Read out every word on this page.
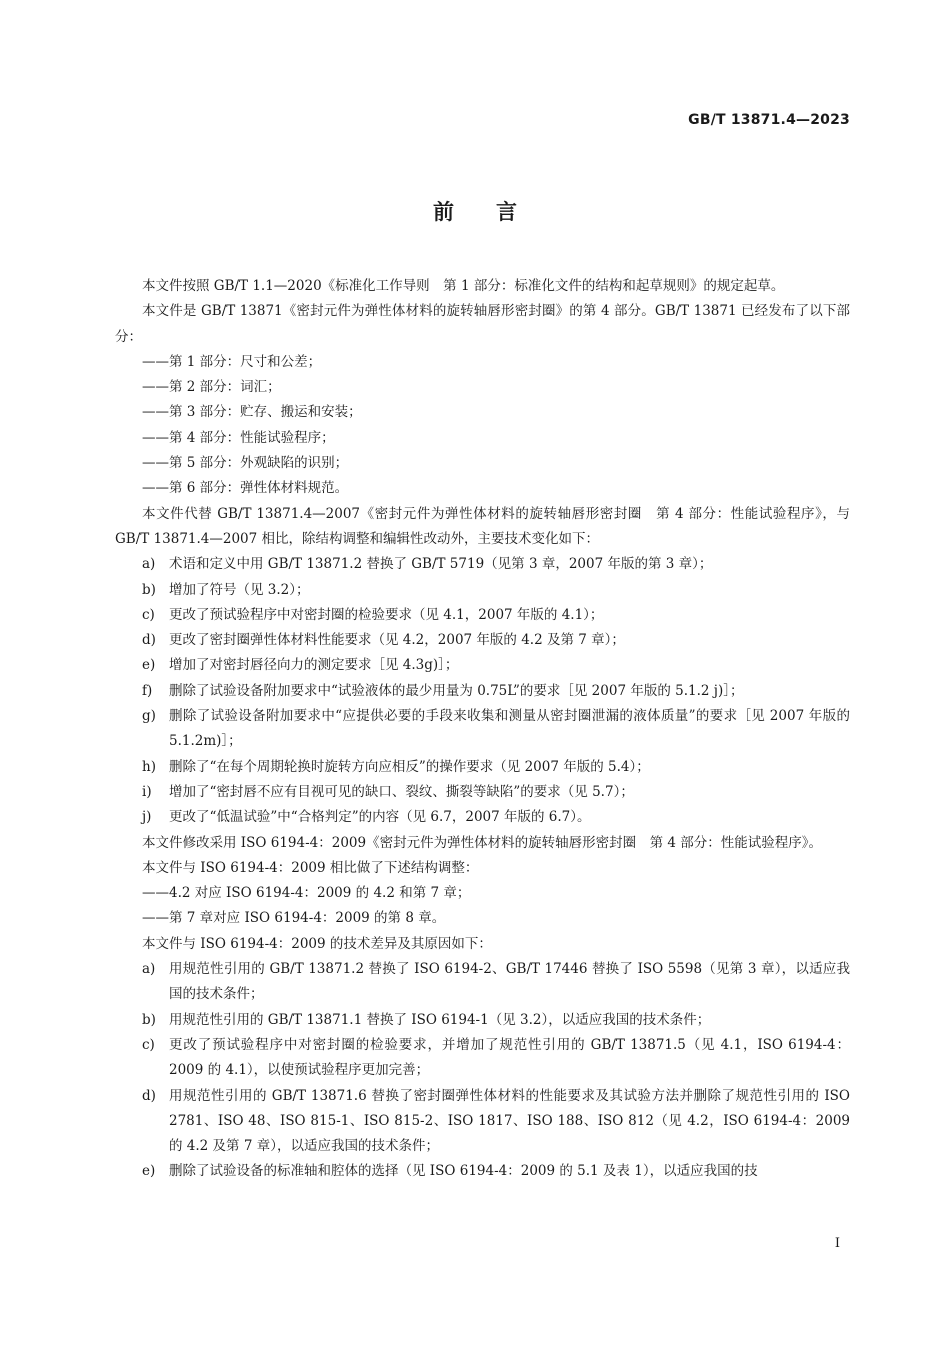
GB/T 13871.4—2023
前言
本文件按照 GB/T 1.1—2020《标准化工作导则　第 1 部分：标准化文件的结构和起草规则》的规定起草。
本文件是 GB/T 13871《密封元件为弹性体材料的旋转轴唇形密封圈》的第 4 部分。GB/T 13871 已经发布了以下部分：
——第 1 部分：尺寸和公差；
——第 2 部分：词汇；
——第 3 部分：贮存、搬运和安装；
——第 4 部分：性能试验程序；
——第 5 部分：外观缺陷的识别；
——第 6 部分：弹性体材料规范。
本文件代替 GB/T 13871.4—2007《密封元件为弹性体材料的旋转轴唇形密封圈　第 4 部分：性能试验程序》，与 GB/T 13871.4—2007 相比，除结构调整和编辑性改动外，主要技术变化如下：
a)	术语和定义中用 GB/T 13871.2 替换了 GB/T 5719（见第 3 章，2007 年版的第 3 章）；
b) 增加了符号（见 3.2）；
c)	更改了预试验程序中对密封圈的检验要求（见 4.1，2007 年版的 4.1）；
d) 更改了密封圈弹性体材料性能要求（见 4.2，2007 年版的 4.2 及第 7 章）；
e)	增加了对密封唇径向力的测定要求［见 4.3g)］；
f)	删除了试验设备附加要求中“试验液体的最少用量为 0.75L”的要求［见 2007 年版的 5.1.2 j)］；
g) 删除了试验设备附加要求中“应提供必要的手段来收集和测量从密封圈泄漏的液体质量”的要求［见 2007 年版的 5.1.2m)］；
h) 删除了“在每个周期轮换时旋转方向应相反”的操作要求（见 2007 年版的 5.4）；
i)	增加了“密封唇不应有目视可见的缺口、裂纹、撕裂等缺陷”的要求（见 5.7）；
j)	更改了“低温试验”中“合格判定”的内容（见 6.7，2007 年版的 6.7）。
本文件修改采用 ISO 6194-4：2009《密封元件为弹性体材料的旋转轴唇形密封圈　第 4 部分：性能试验程序》。
本文件与 ISO 6194-4：2009 相比做了下述结构调整：
——4.2 对应 ISO 6194-4：2009 的 4.2 和第 7 章；
——第 7 章对应 ISO 6194-4：2009 的第 8 章。
本文件与 ISO 6194-4：2009 的技术差异及其原因如下：
a)	用规范性引用的 GB/T 13871.2 替换了 ISO 6194-2、GB/T 17446 替换了 ISO 5598（见第 3 章），以适应我国的技术条件；
b) 用规范性引用的 GB/T 13871.1 替换了 ISO 6194-1（见 3.2），以适应我国的技术条件；
c)	更改了预试验程序中对密封圈的检验要求，并增加了规范性引用的 GB/T 13871.5（见 4.1，ISO 6194-4：2009 的 4.1），以使预试验程序更加完善；
d) 用规范性引用的 GB/T 13871.6 替换了密封圈弹性体材料的性能要求及其试验方法并删除了规范性引用的 ISO 2781、ISO 48、ISO 815-1、ISO 815-2、ISO 1817、ISO 188、ISO 812（见 4.2，ISO 6194-4：2009 的 4.2 及第 7 章），以适应我国的技术条件；
e)	删除了试验设备的标准轴和腔体的选择（见 ISO 6194-4：2009 的 5.1 及表 1），以适应我国的技
I
